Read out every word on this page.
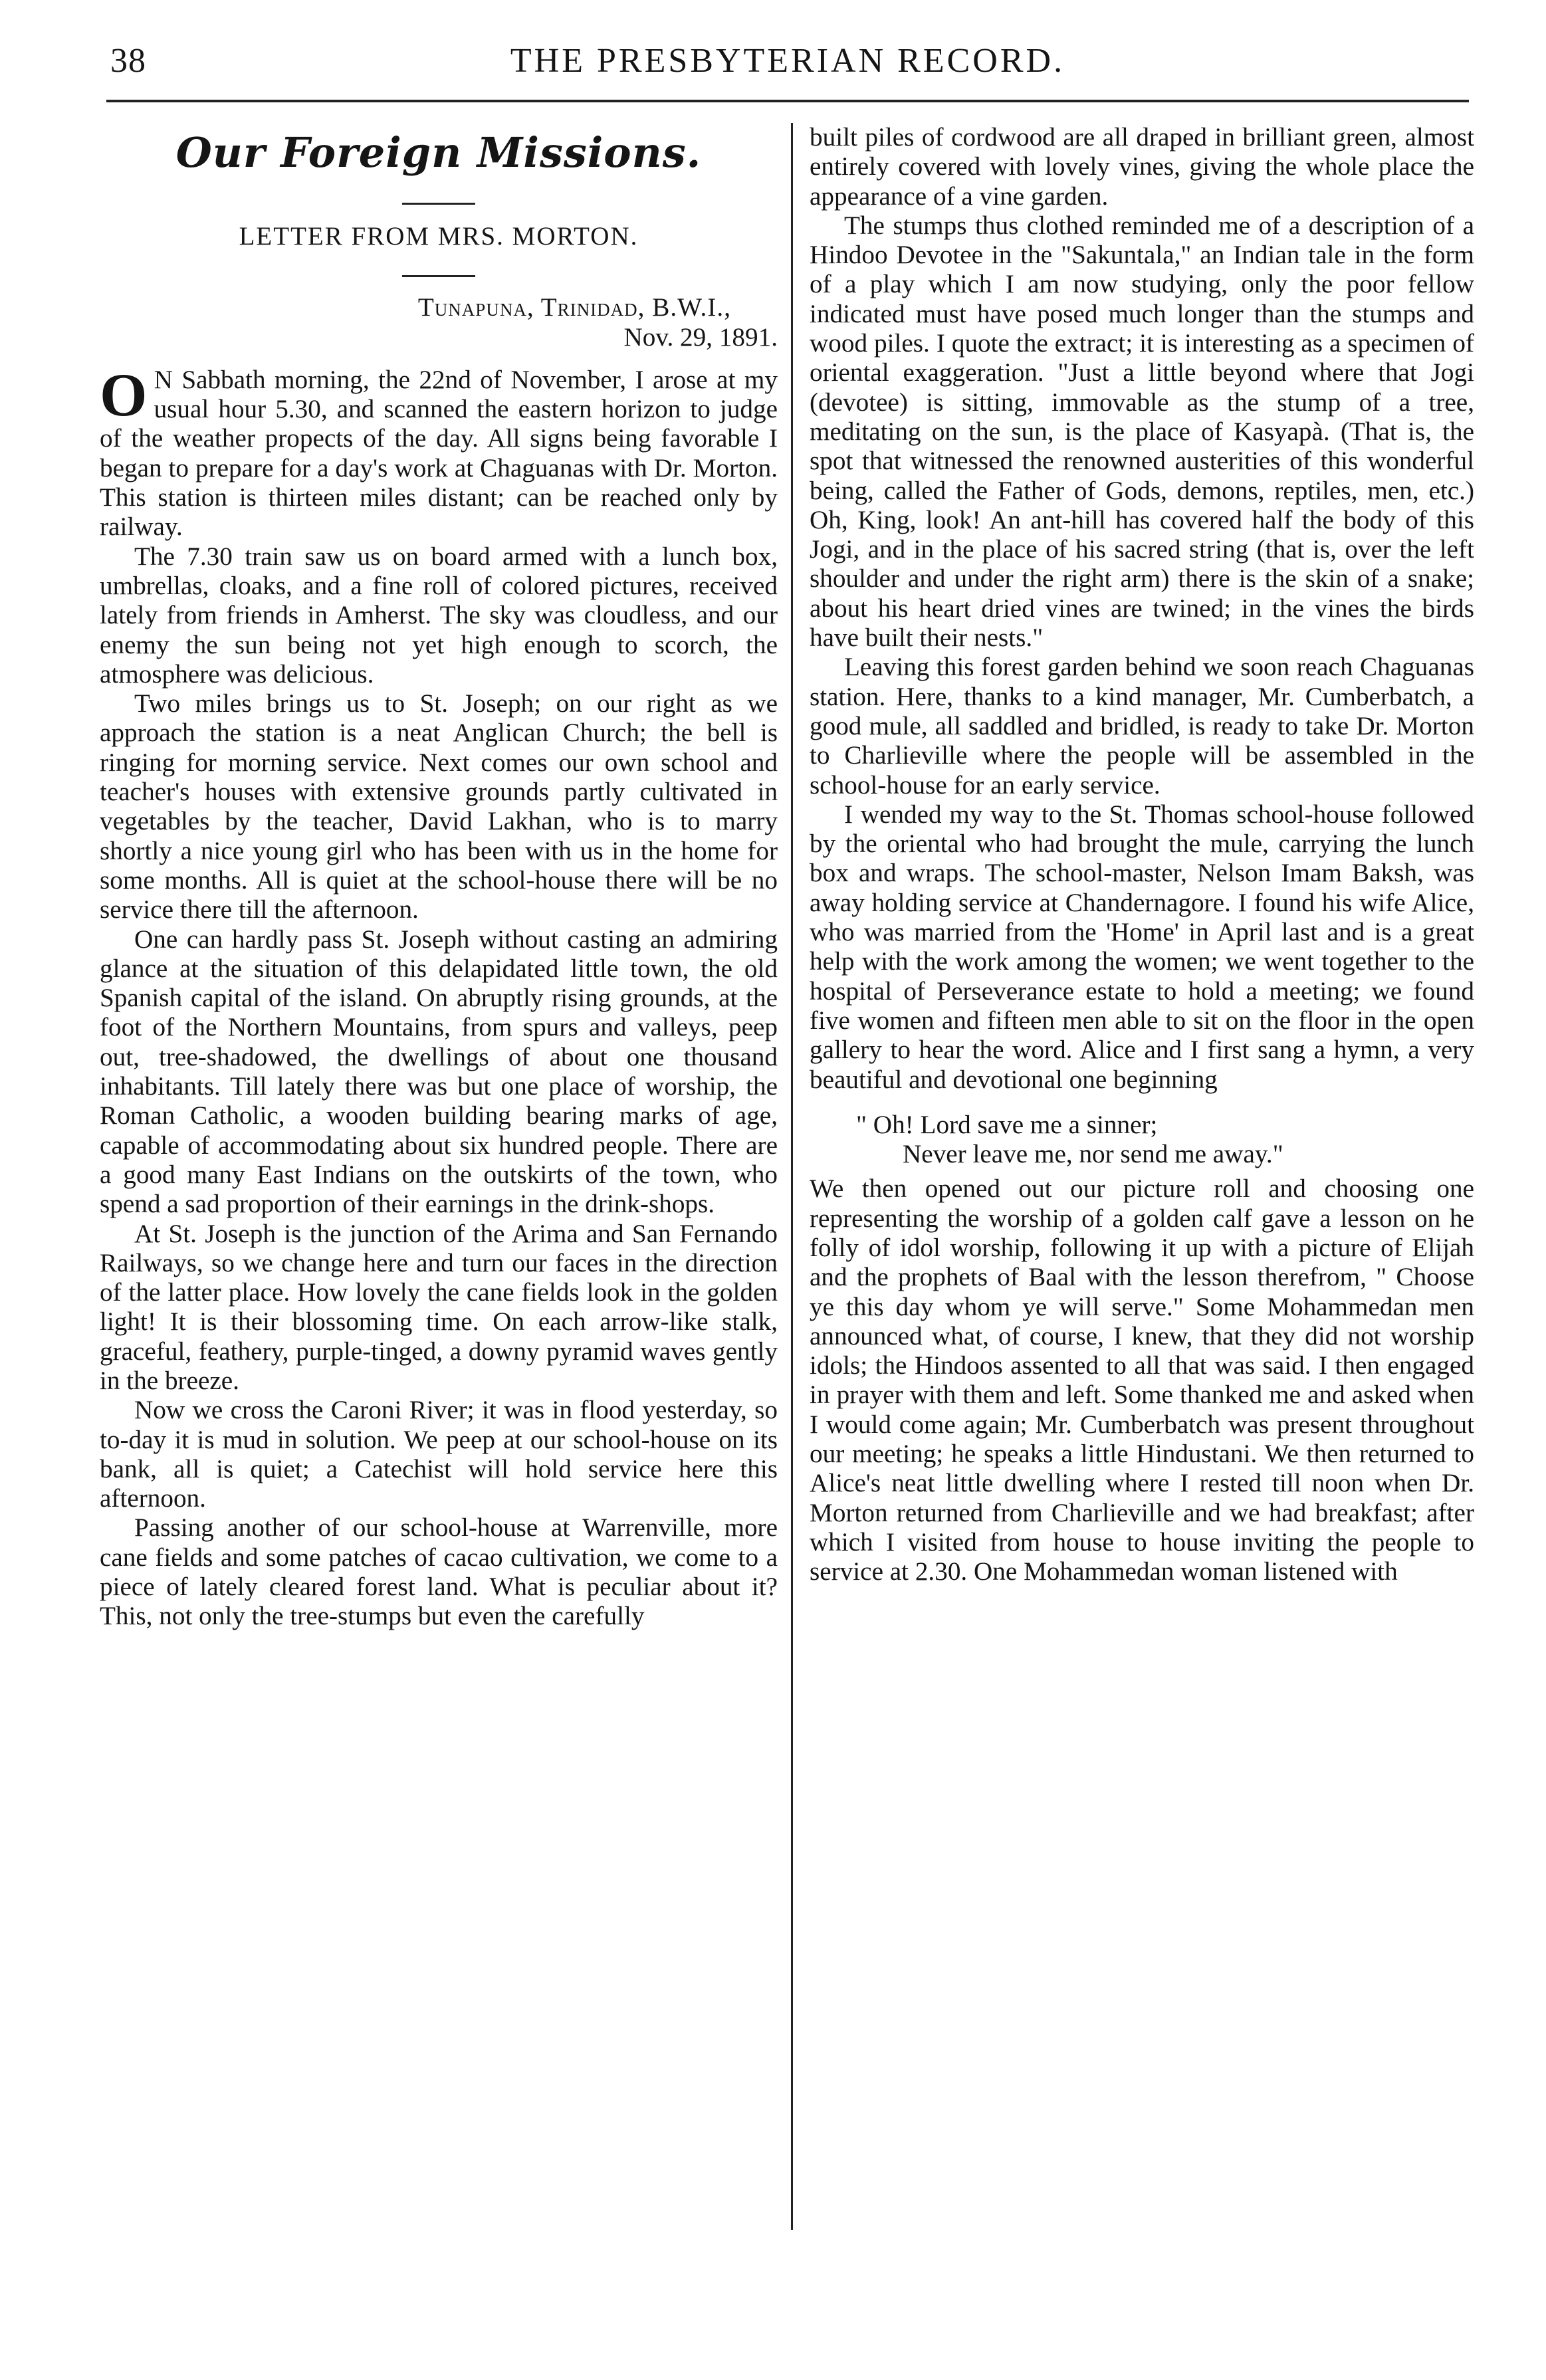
38	THE PRESBYTERIAN RECORD.
Our Foreign Missions.
LETTER FROM MRS. MORTON.
Tunapuna, Trinidad, B.W.I.,
Nov. 29, 1891.

O N Sabbath morning, the 22nd of November, I arose at my usual hour 5.30, and scanned the eastern horizon to judge of the weather propects of the day. All signs being favorable I began to prepare for a day's work at Chaguanas with Dr. Morton. This station is thirteen miles distant; can be reached only by railway.

The 7.30 train saw us on board armed with a lunch box, umbrellas, cloaks, and a fine roll of colored pictures, received lately from friends in Amherst. The sky was cloudless, and our enemy the sun being not yet high enough to scorch, the atmosphere was delicious.

Two miles brings us to St. Joseph; on our right as we approach the station is a neat Anglican Church; the bell is ringing for morning service. Next comes our own school and teacher's houses with extensive grounds partly cultivated in vegetables by the teacher, David Lakhan, who is to marry shortly a nice young girl who has been with us in the home for some months. All is quiet at the school-house there will be no service there till the afternoon.

One can hardly pass St. Joseph without casting an admiring glance at the situation of this delapidated little town, the old Spanish capital of the island. On abruptly rising grounds, at the foot of the Northern Mountains, from spurs and valleys, peep out, tree-shadowed, the dwellings of about one thousand inhabitants. Till lately there was but one place of worship, the Roman Catholic, a wooden building bearing marks of age, capable of accommodating about six hundred people. There are a good many East Indians on the outskirts of the town, who spend a sad proportion of their earnings in the drink-shops.

At St. Joseph is the junction of the Arima and San Fernando Railways, so we change here and turn our faces in the direction of the latter place. How lovely the cane fields look in the golden light! It is their blossoming time. On each arrow-like stalk, graceful, feathery, purple-tinged, a downy pyramid waves gently in the breeze.

Now we cross the Caroni River; it was in flood yesterday, so to-day it is mud in solution. We peep at our school-house on its bank, all is quiet; a Catechist will hold service here this afternoon.

Passing another of our school-house at Warrenville, more cane fields and some patches of cacao cultivation, we come to a piece of lately cleared forest land. What is peculiar about it? This, not only the tree-stumps but even the carefully

built piles of cordwood are all draped in brilliant green, almost entirely covered with lovely vines, giving the whole place the appearance of a vine garden.

The stumps thus clothed reminded me of a description of a Hindoo Devotee in the "Sakuntala," an Indian tale in the form of a play which I am now studying, only the poor fellow indicated must have posed much longer than the stumps and wood piles. I quote the extract; it is interesting as a specimen of oriental exaggeration. "Just a little beyond where that Jogi (devotee) is sitting, immovable as the stump of a tree, meditating on the sun, is the place of Kasyapà. (That is, the spot that witnessed the renowned austerities of this wonderful being, called the Father of Gods, demons, reptiles, men, etc.) Oh, King, look! An ant-hill has covered half the body of this Jogi, and in the place of his sacred string (that is, over the left shoulder and under the right arm) there is the skin of a snake; about his heart dried vines are twined; in the vines the birds have built their nests."

Leaving this forest garden behind we soon reach Chaguanas station. Here, thanks to a kind manager, Mr. Cumberbatch, a good mule, all saddled and bridled, is ready to take Dr. Morton to Charlieville where the people will be assembled in the school-house for an early service.

I wended my way to the St. Thomas school-house followed by the oriental who had brought the mule, carrying the lunch box and wraps. The school-master, Nelson Imam Baksh, was away holding service at Chandernagore. I found his wife Alice, who was married from the 'Home' in April last and is a great help with the work among the women; we went together to the hospital of Perseverance estate to hold a meeting; we found five women and fifteen men able to sit on the floor in the open gallery to hear the word. Alice and I first sang a hymn, a very beautiful and devotional one beginning

" Oh! Lord save me a sinner;
Never leave me, nor send me away."

We then opened out our picture roll and choosing one representing the worship of a golden calf gave a lesson on he folly of idol worship, following it up with a picture of Elijah and the prophets of Baal with the lesson therefrom, " Choose ye this day whom ye will serve." Some Mohammedan men announced what, of course, I knew, that they did not worship idols; the Hindoos assented to all that was said. I then engaged in prayer with them and left. Some thanked me and asked when I would come again; Mr. Cumberbatch was present throughout our meeting; he speaks a little Hindustani. We then returned to Alice's neat little dwelling where I rested till noon when Dr. Morton returned from Charlieville and we had breakfast; after which I visited from house to house inviting the people to service at 2.30. One Mohammedan woman listened with
